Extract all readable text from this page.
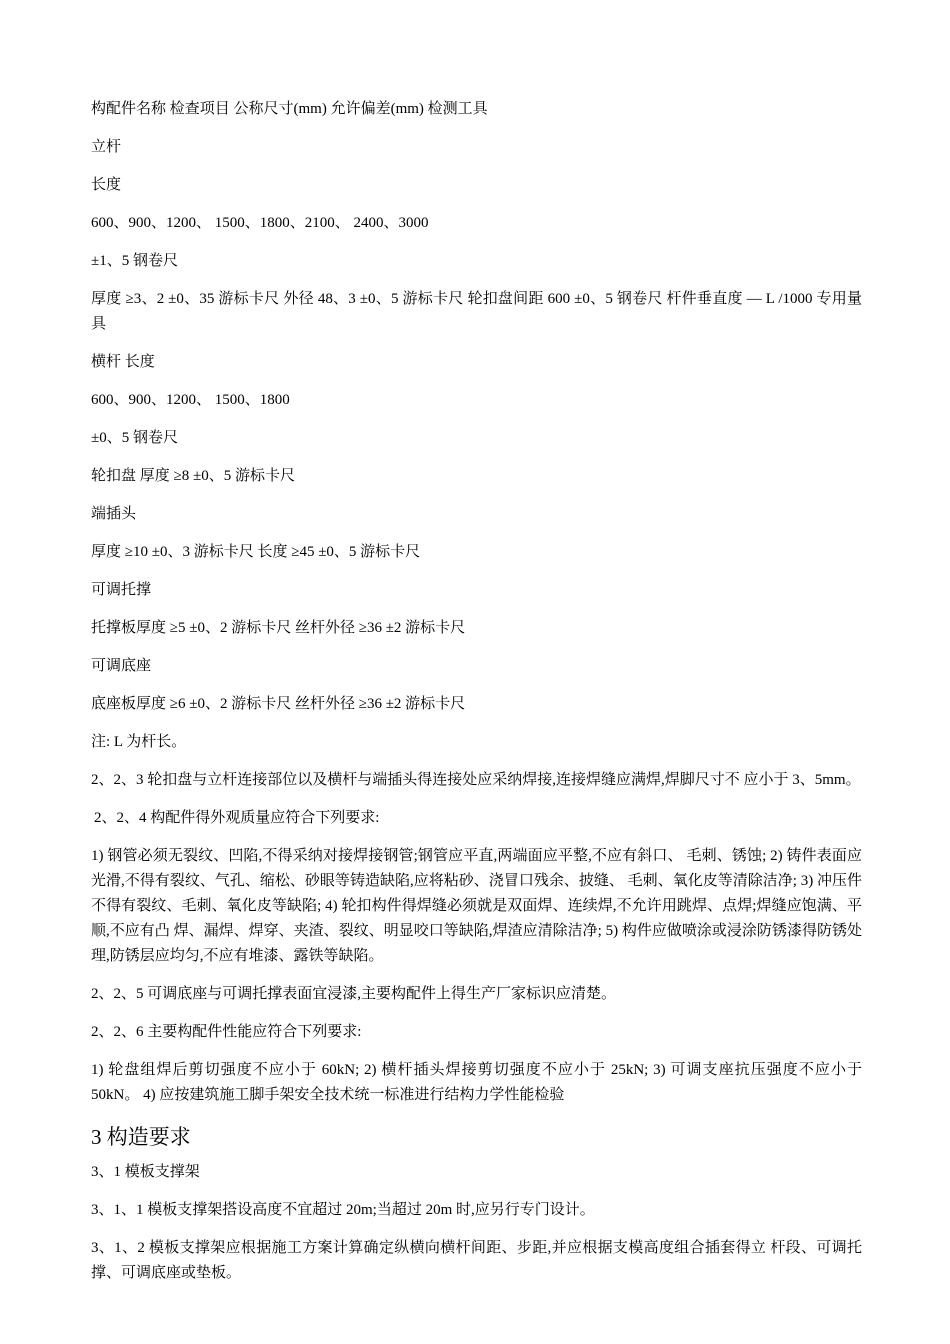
构配件名称 检查项目 公称尺寸(mm) 允许偏差(mm) 检测工具

立杆

长度

600、900、1200、 1500、1800、2100、 2400、3000

±1、5 钢卷尺

厚度 ≥3、2 ±0、35 游标卡尺 外径 48、3 ±0、5 游标卡尺 轮扣盘间距 600 ±0、5 钢卷尺 杆件垂直度 — L /1000 专用量具

横杆 长度

600、900、1200、 1500、1800

±0、5 钢卷尺

轮扣盘 厚度 ≥8 ±0、5 游标卡尺

端插头

厚度 ≥10 ±0、3 游标卡尺 长度 ≥45 ±0、5 游标卡尺

可调托撑

托撑板厚度 ≥5 ±0、2 游标卡尺 丝杆外径 ≥36 ±2 游标卡尺

可调底座

底座板厚度 ≥6 ±0、2 游标卡尺 丝杆外径 ≥36 ±2 游标卡尺

注: L 为杆长。

2、2、3 轮扣盘与立杆连接部位以及横杆与端插头得连接处应采纳焊接,连接焊缝应满焊,焊脚尺寸不 应小于 3、5mm。

2、2、4 构配件得外观质量应符合下列要求:

1) 钢管必须无裂纹、凹陷,不得采纳对接焊接钢管;钢管应平直,两端面应平整,不应有斜口、 毛刺、锈蚀; 2) 铸件表面应光滑,不得有裂纹、气孔、缩松、砂眼等铸造缺陷,应将粘砂、浇冒口残余、披缝、 毛刺、氧化皮等清除洁净; 3) 冲压件不得有裂纹、毛刺、氧化皮等缺陷; 4) 轮扣构件得焊缝必须就是双面焊、连续焊,不允许用跳焊、点焊;焊缝应饱满、平顺,不应有凸 焊、漏焊、焊穿、夹渣、裂纹、明显咬口等缺陷,焊渣应清除洁净; 5) 构件应做喷涂或浸涂防锈漆得防锈处理,防锈层应均匀,不应有堆漆、露铁等缺陷。

2、2、5 可调底座与可调托撑表面宜浸漆,主要构配件上得生产厂家标识应清楚。

2、2、6 主要构配件性能应符合下列要求:

1) 轮盘组焊后剪切强度不应小于 60kN; 2) 横杆插头焊接剪切强度不应小于 25kN; 3) 可调支座抗压强度不应小于 50kN。 4) 应按建筑施工脚手架安全技术统一标准进行结构力学性能检验

3 构造要求

3、1 模板支撑架

3、1、1 模板支撑架搭设高度不宜超过 20m;当超过 20m 时,应另行专门设计。

3、1、2 模板支撑架应根据施工方案计算确定纵横向横杆间距、步距,并应根据支模高度组合插套得立 杆段、可调托撑、可调底座或垫板。
